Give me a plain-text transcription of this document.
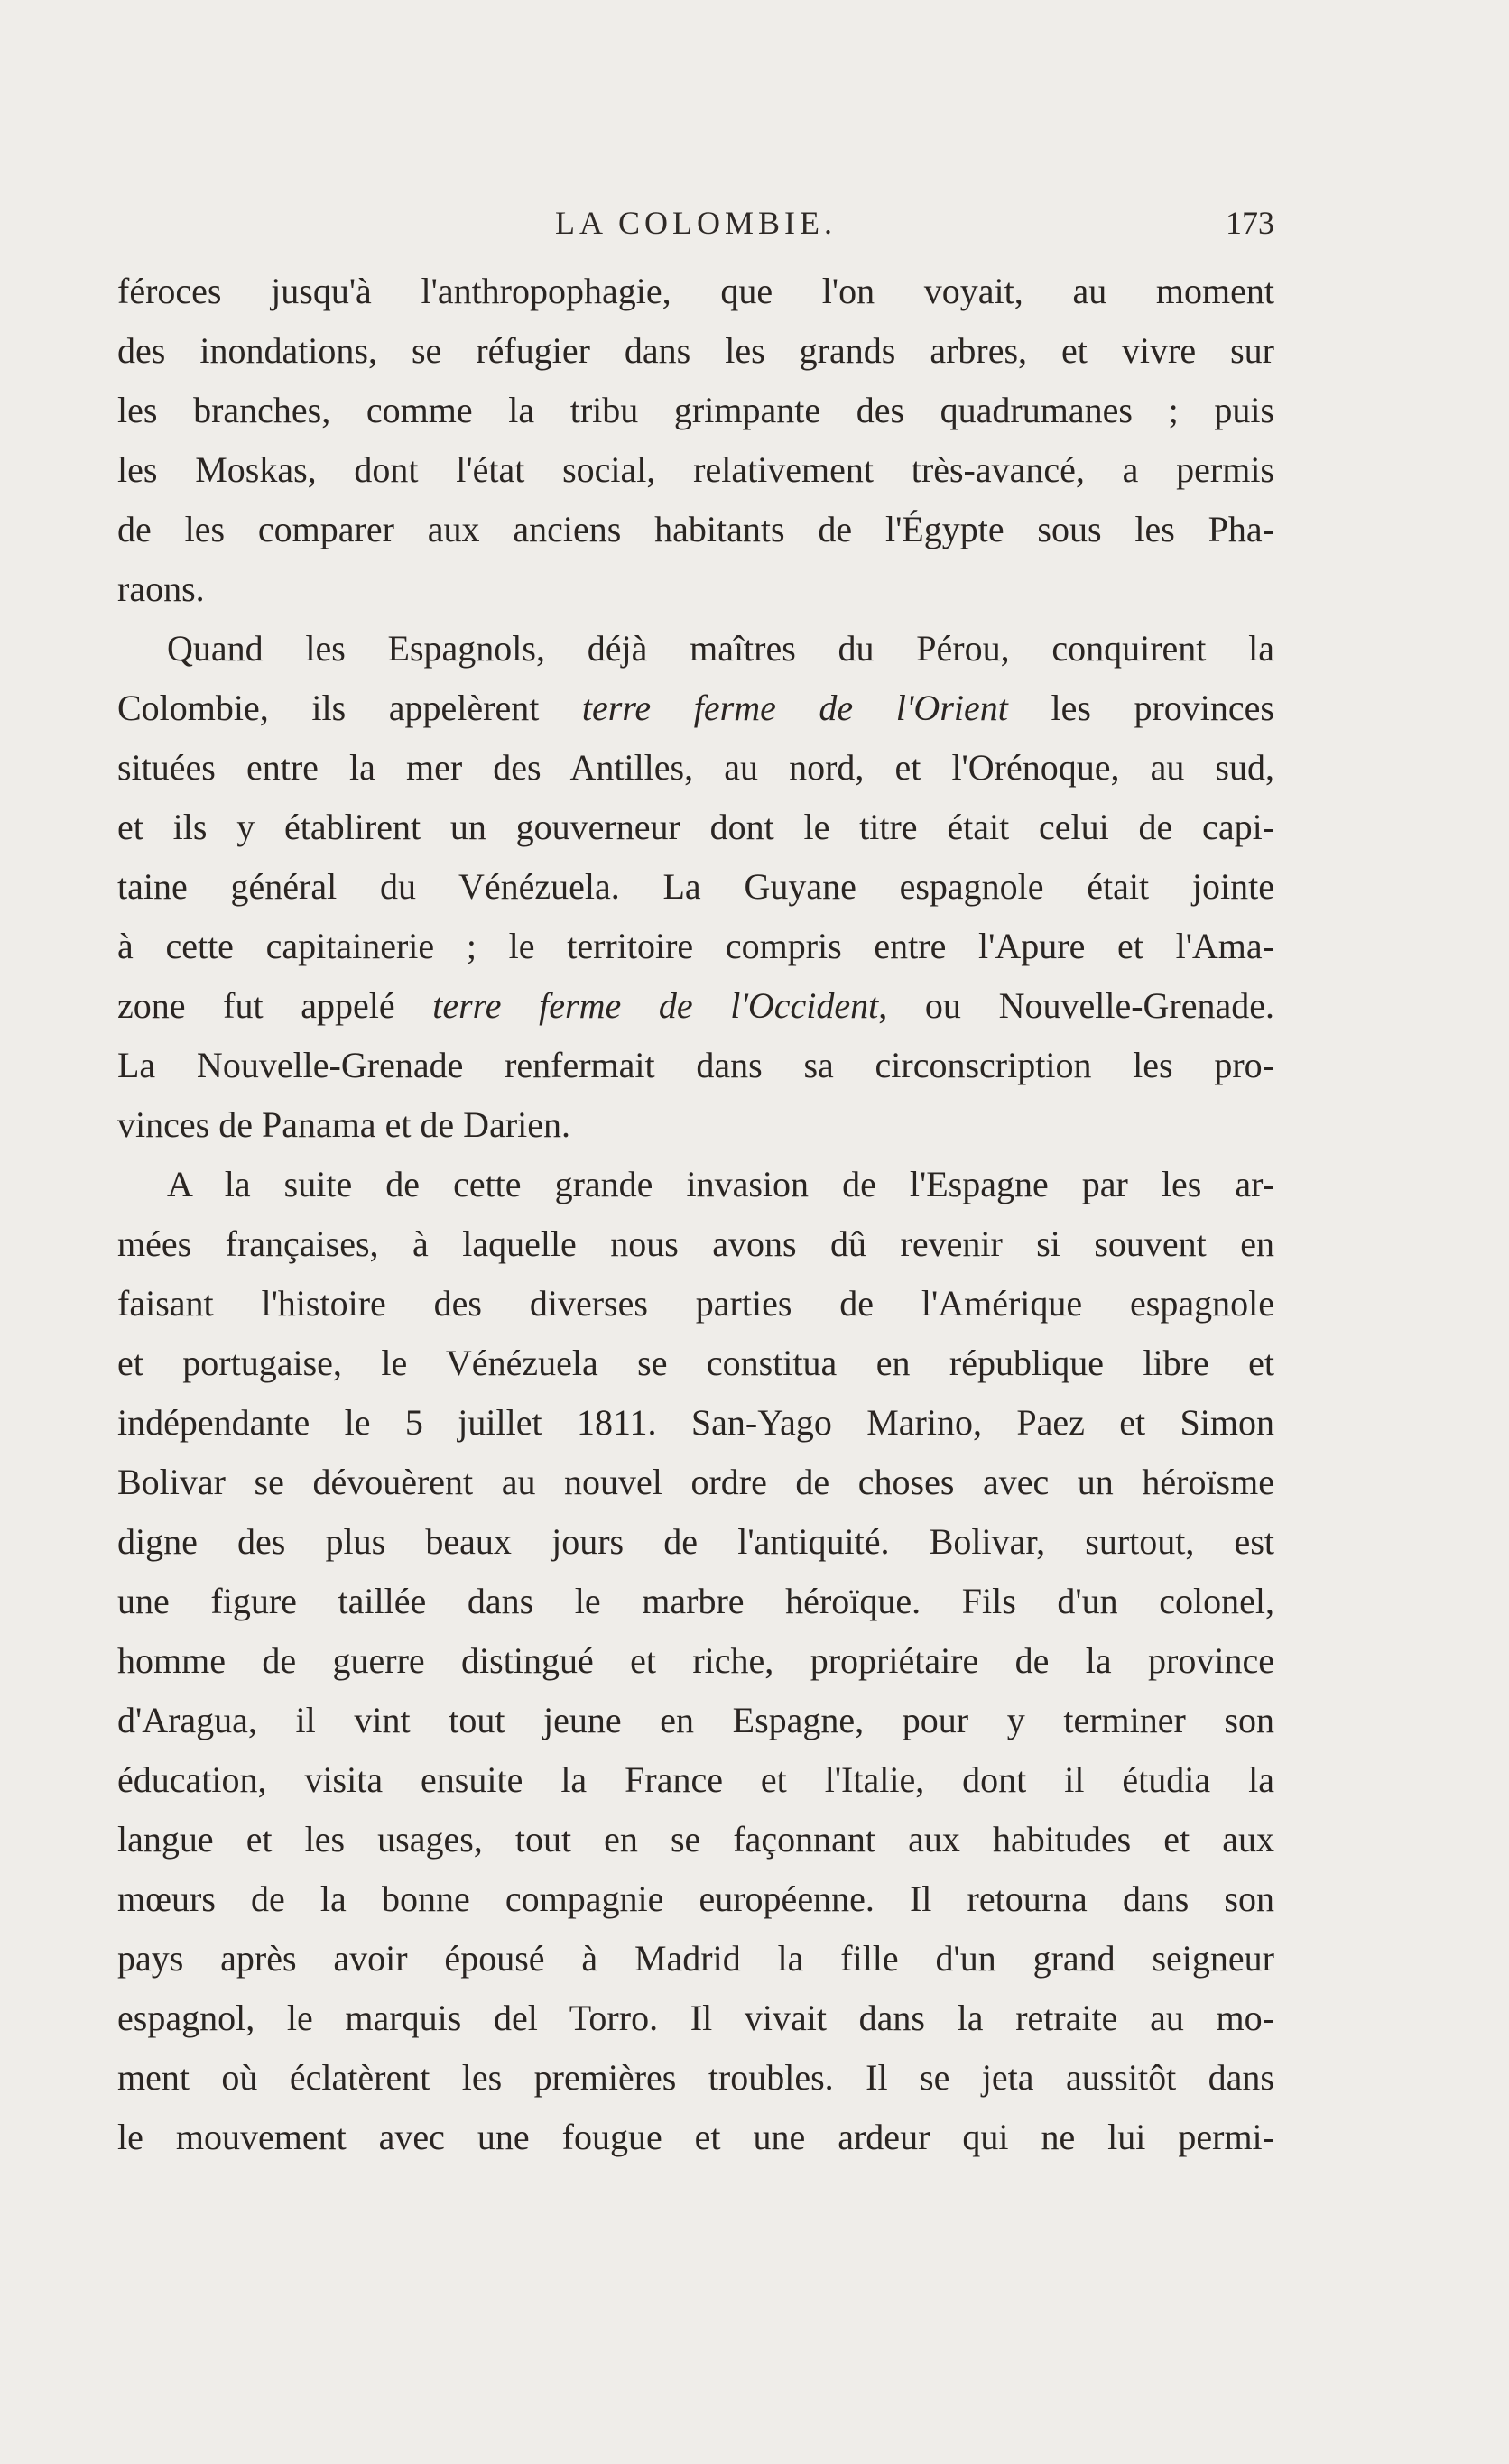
LA COLOMBIE.	173
féroces jusqu'à l'anthropophagie, que l'on voyait, au moment
des inondations, se réfugier dans les grands arbres, et vivre sur
les branches, comme la tribu grimpante des quadrumanes ; puis
les Moskas, dont l'état social, relativement très-avancé, a permis
de les comparer aux anciens habitants de l'Égypte sous les Pha-
raons.
Quand les Espagnols, déjà maîtres du Pérou, conquirent la
Colombie, ils appelèrent terre ferme de l'Orient les provinces
situées entre la mer des Antilles, au nord, et l'Orénoque, au sud,
et ils y établirent un gouverneur dont le titre était celui de capi-
taine général du Vénézuela. La Guyane espagnole était jointe
à cette capitainerie ; le territoire compris entre l'Apure et l'Ama-
zone fut appelé terre ferme de l'Occident, ou Nouvelle-Grenade.
La Nouvelle-Grenade renfermait dans sa circonscription les pro-
vinces de Panama et de Darien.
A la suite de cette grande invasion de l'Espagne par les ar-
mées françaises, à laquelle nous avons dû revenir si souvent en
faisant l'histoire des diverses parties de l'Amérique espagnole
et portugaise, le Vénézuela se constitua en république libre et
indépendante le 5 juillet 1811. San-Yago Marino, Paez et Simon
Bolivar se dévouèrent au nouvel ordre de choses avec un héroïsme
digne des plus beaux jours de l'antiquité. Bolivar, surtout, est
une figure taillée dans le marbre héroïque. Fils d'un colonel,
homme de guerre distingué et riche, propriétaire de la province
d'Aragua, il vint tout jeune en Espagne, pour y terminer son
éducation, visita ensuite la France et l'Italie, dont il étudia la
langue et les usages, tout en se façonnant aux habitudes et aux
mœurs de la bonne compagnie européenne. Il retourna dans son
pays après avoir épousé à Madrid la fille d'un grand seigneur
espagnol, le marquis del Torro. Il vivait dans la retraite au mo-
ment où éclatèrent les premières troubles. Il se jeta aussitôt dans
le mouvement avec une fougue et une ardeur qui ne lui permi-
